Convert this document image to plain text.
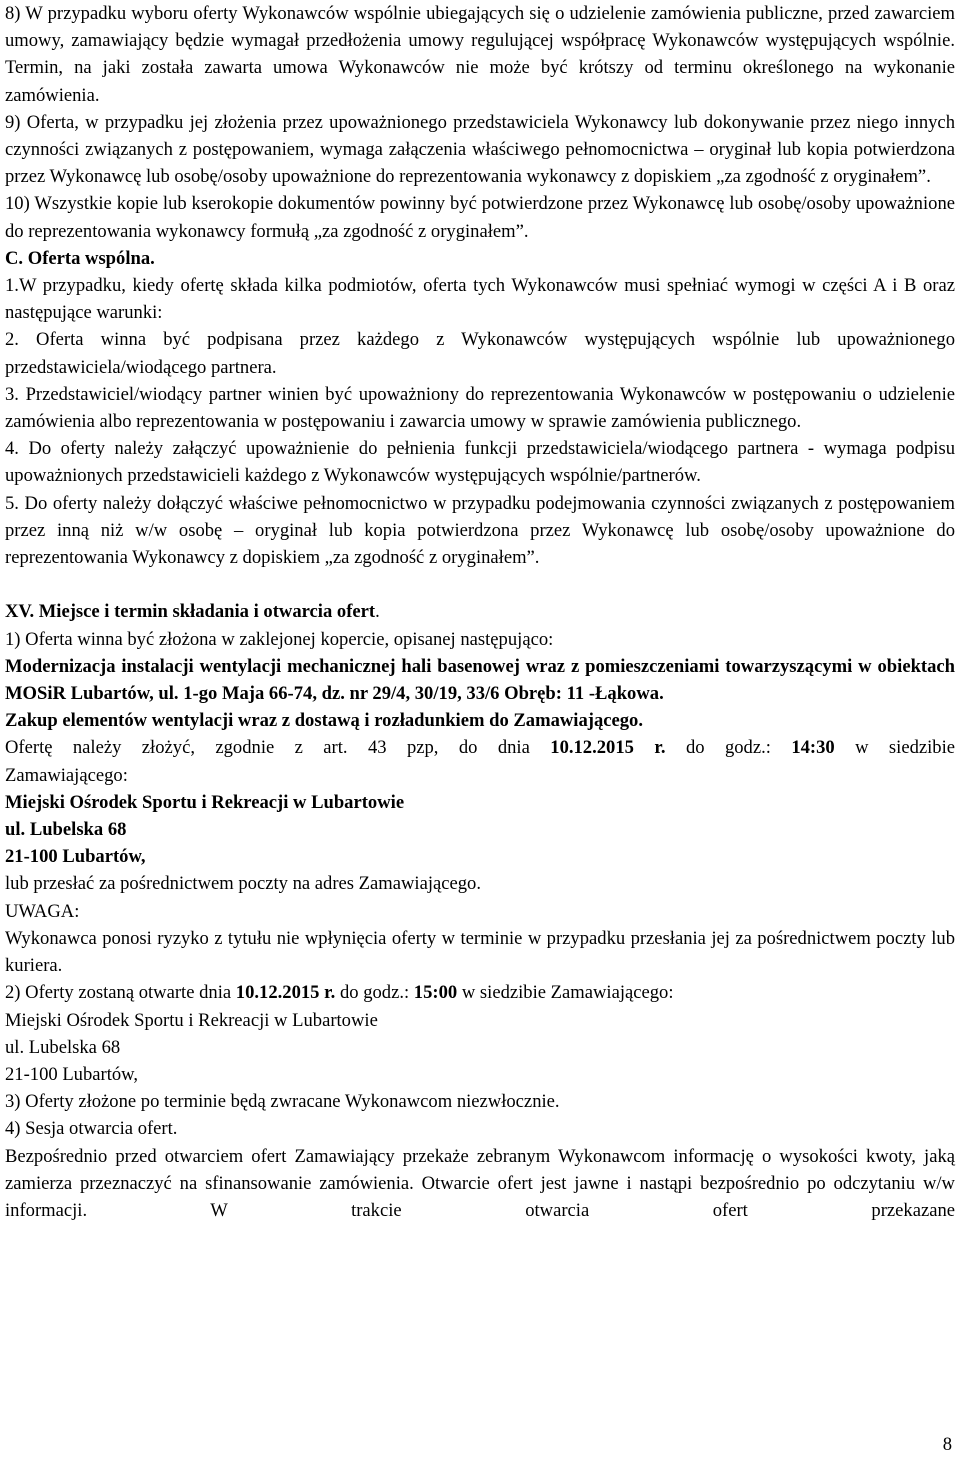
8) W przypadku wyboru oferty Wykonawców wspólnie ubiegających się o udzielenie zamówienia publiczne, przed zawarciem umowy, zamawiający będzie wymagał przedłożenia umowy regulującej współpracę Wykonawców występujących wspólnie. Termin, na jaki została zawarta umowa Wykonawców nie może być krótszy od terminu określonego na wykonanie zamówienia.
9) Oferta, w przypadku jej złożenia przez upoważnionego przedstawiciela Wykonawcy lub dokonywanie przez niego innych czynności związanych z postępowaniem, wymaga załączenia właściwego pełnomocnictwa – oryginał lub kopia potwierdzona przez Wykonawcę lub osobę/osoby upoważnione do reprezentowania wykonawcy z dopiskiem „za zgodność z oryginałem”.
10) Wszystkie kopie lub kserokopie dokumentów powinny być potwierdzone przez Wykonawcę lub osobę/osoby upoważnione do reprezentowania wykonawcy formułą „za zgodność z oryginałem”.
C. Oferta wspólna.
1.W przypadku, kiedy ofertę składa kilka podmiotów, oferta tych Wykonawców musi spełniać wymogi w części A i B oraz następujące warunki:
2. Oferta winna być podpisana przez każdego z Wykonawców występujących wspólnie lub upoważnionego przedstawiciela/wiodącego partnera.
3. Przedstawiciel/wiodący partner winien być upoważniony do reprezentowania Wykonawców w postępowaniu o udzielenie zamówienia albo reprezentowania w postępowaniu i zawarcia umowy w sprawie zamówienia publicznego.
4. Do oferty należy załączyć upoważnienie do pełnienia funkcji przedstawiciela/wiodącego partnera - wymaga podpisu upoważnionych przedstawicieli każdego z Wykonawców występujących wspólnie/partnerów.
5. Do oferty należy dołączyć właściwe pełnomocnictwo w przypadku podejmowania czynności związanych z postępowaniem przez inną niż w/w osobę – oryginał lub kopia potwierdzona przez Wykonawcę lub osobę/osoby upoważnione do reprezentowania Wykonawcy z dopiskiem „za zgodność z oryginałem”.
XV. Miejsce i termin składania i otwarcia ofert.
1) Oferta winna być złożona w zaklejonej kopercie, opisanej następująco:
Modernizacja instalacji wentylacji mechanicznej hali basenowej wraz z pomieszczeniami towarzyszącymi w obiektach MOSiR Lubartów, ul. 1-go Maja 66-74, dz. nr 29/4, 30/19, 33/6 Obręb: 11 -Łąkowa.
Zakup elementów wentylacji wraz z dostawą i rozładunkiem do Zamawiającego.
Ofertę należy złożyć, zgodnie z art. 43 pzp, do dnia 10.12.2015 r. do godz.: 14:30 w siedzibie
Zamawiającego:
Miejski Ośrodek Sportu i Rekreacji w Lubartowie
ul. Lubelska 68
21-100 Lubartów,
lub przesłać za pośrednictwem poczty na adres Zamawiającego.
UWAGA:
Wykonawca ponosi ryzyko z tytułu nie wpłynięcia oferty w terminie w przypadku przesłania jej za pośrednictwem poczty lub kuriera.
2) Oferty zostaną otwarte dnia 10.12.2015 r. do godz.: 15:00 w siedzibie Zamawiającego:
Miejski Ośrodek Sportu i Rekreacji w Lubartowie
ul. Lubelska 68
21-100 Lubartów,
3) Oferty złożone po terminie będą zwracane Wykonawcom niezwłocznie.
4) Sesja otwarcia ofert.
Bezpośrednio przed otwarciem ofert Zamawiający przekaże zebranym Wykonawcom informację o wysokości kwoty, jaką zamierza przeznaczyć na sfinansowanie zamówienia. Otwarcie ofert jest jawne i nastąpi bezpośrednio po odczytaniu w/w informacji. W trakcie otwarcia ofert przekazane
8
